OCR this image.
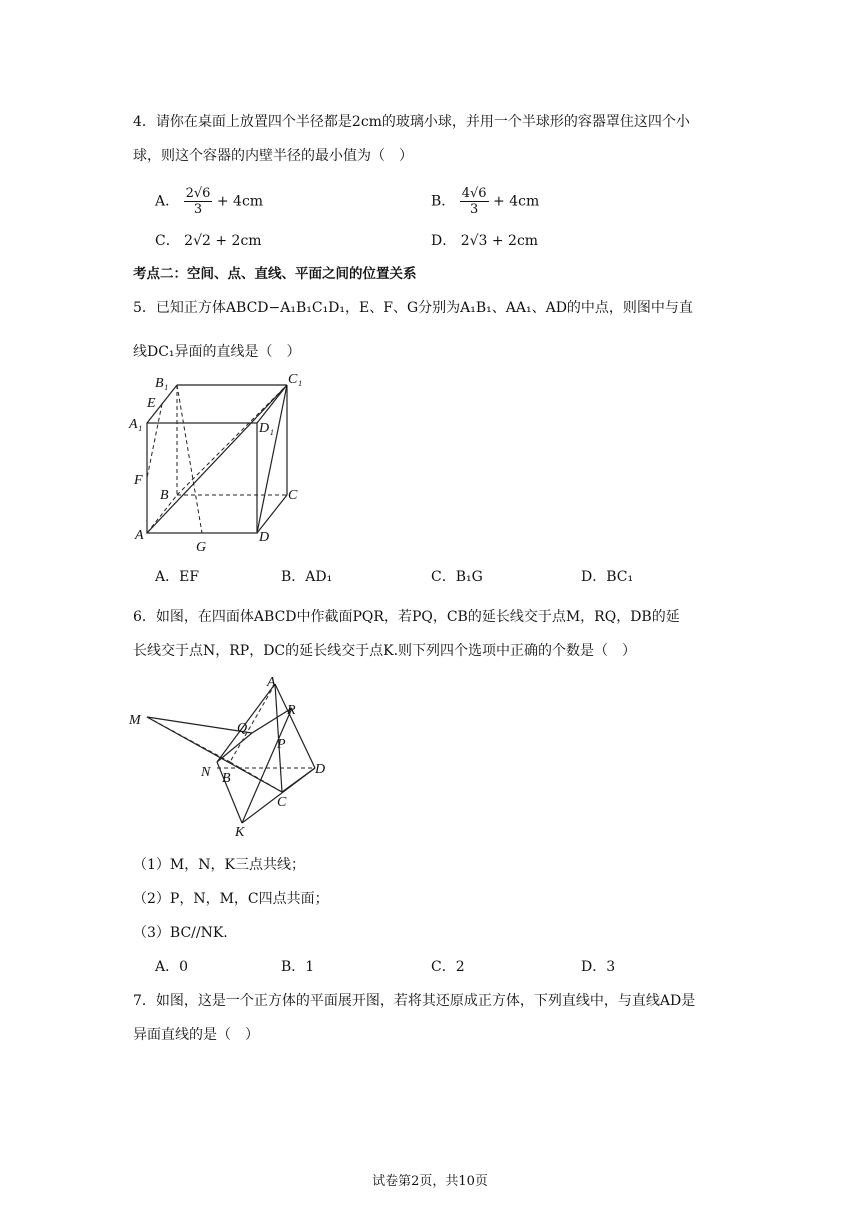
4．请你在桌面上放置四个半径都是2cm的玻璃小球，并用一个半球形的容器罩住这四个小
球，则这个容器的内壁半径的最小值为（　）
A． $\frac{2√6}{3} + 4cm$	B． $\frac{4√6}{3} + 4cm$
C． 2√2 + 2cm	D． 2√3 + 2cm
考点二：空间、点、直线、平面之间的位置关系
5．已知正方体ABCD−A₁B₁C₁D₁，E、F、G分别为A₁B₁、AA₁、AD的中点，则图中与直
线DC₁异面的直线是（　）
B₁	C₁
E
A₁	D₁
F
B	C
A
G
D
A．EF	B．AD₁	C．B₁G	D．BC₁
6．如图，在四面体ABCD中作截面PQR，若PQ，CB的延长线交于点M，RQ，DB的延
长线交于点N，RP，DC的延长线交于点K.则下列四个选项中正确的个数是（　）
A
M
Q
R
P
N B
D
C
K
（1）M，N，K三点共线；
（2）P，N，M，C四点共面；
（3）BC//NK.
A．0	B．1	C．2	D．3
7．如图，这是一个正方体的平面展开图，若将其还原成正方体，下列直线中，与直线AD是
异面直线的是（　）
试卷第2页，共10页
